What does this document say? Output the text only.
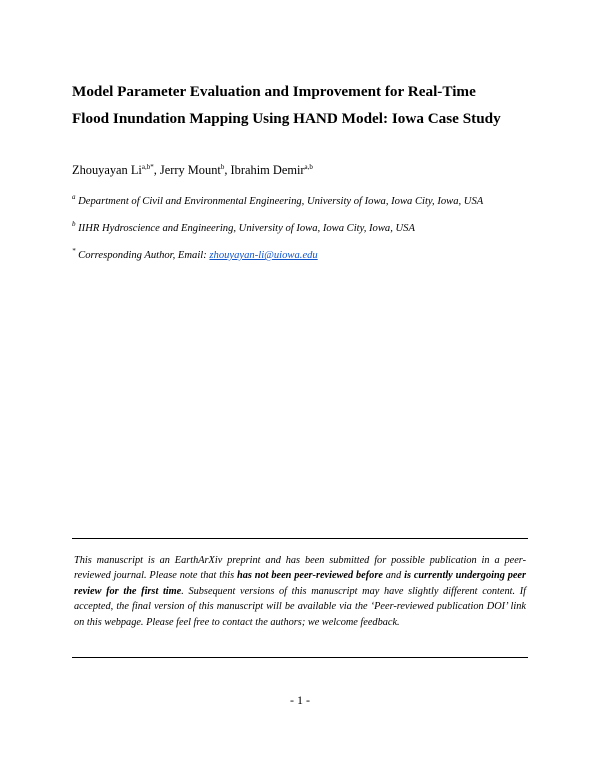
Model Parameter Evaluation and Improvement for Real-Time
Flood Inundation Mapping Using HAND Model: Iowa Case Study
Zhouyayan $Li^{a,b*}$, Jerry Mount$^b$, Ibrahim Demir$^{a,b}$
$^a$ Department of Civil and Environmental Engineering, University of Iowa, Iowa City, Iowa, USA
$^b$ IIHR Hydroscience and Engineering, University of Iowa, Iowa City, Iowa, USA
* Corresponding Author, Email: zhouyayan-li@uiowa.edu
This manuscript is an EarthArXiv preprint and has been submitted for possible publication in a peer-reviewed journal. Please note that this has not been peer-reviewed before and is currently undergoing peer review for the first time. Subsequent versions of this manuscript may have slightly different content. If accepted, the final version of this manuscript will be available via the ‘Peer-reviewed publication DOI’ link on this webpage. Please feel free to contact the authors; we welcome feedback.
- 1 -
